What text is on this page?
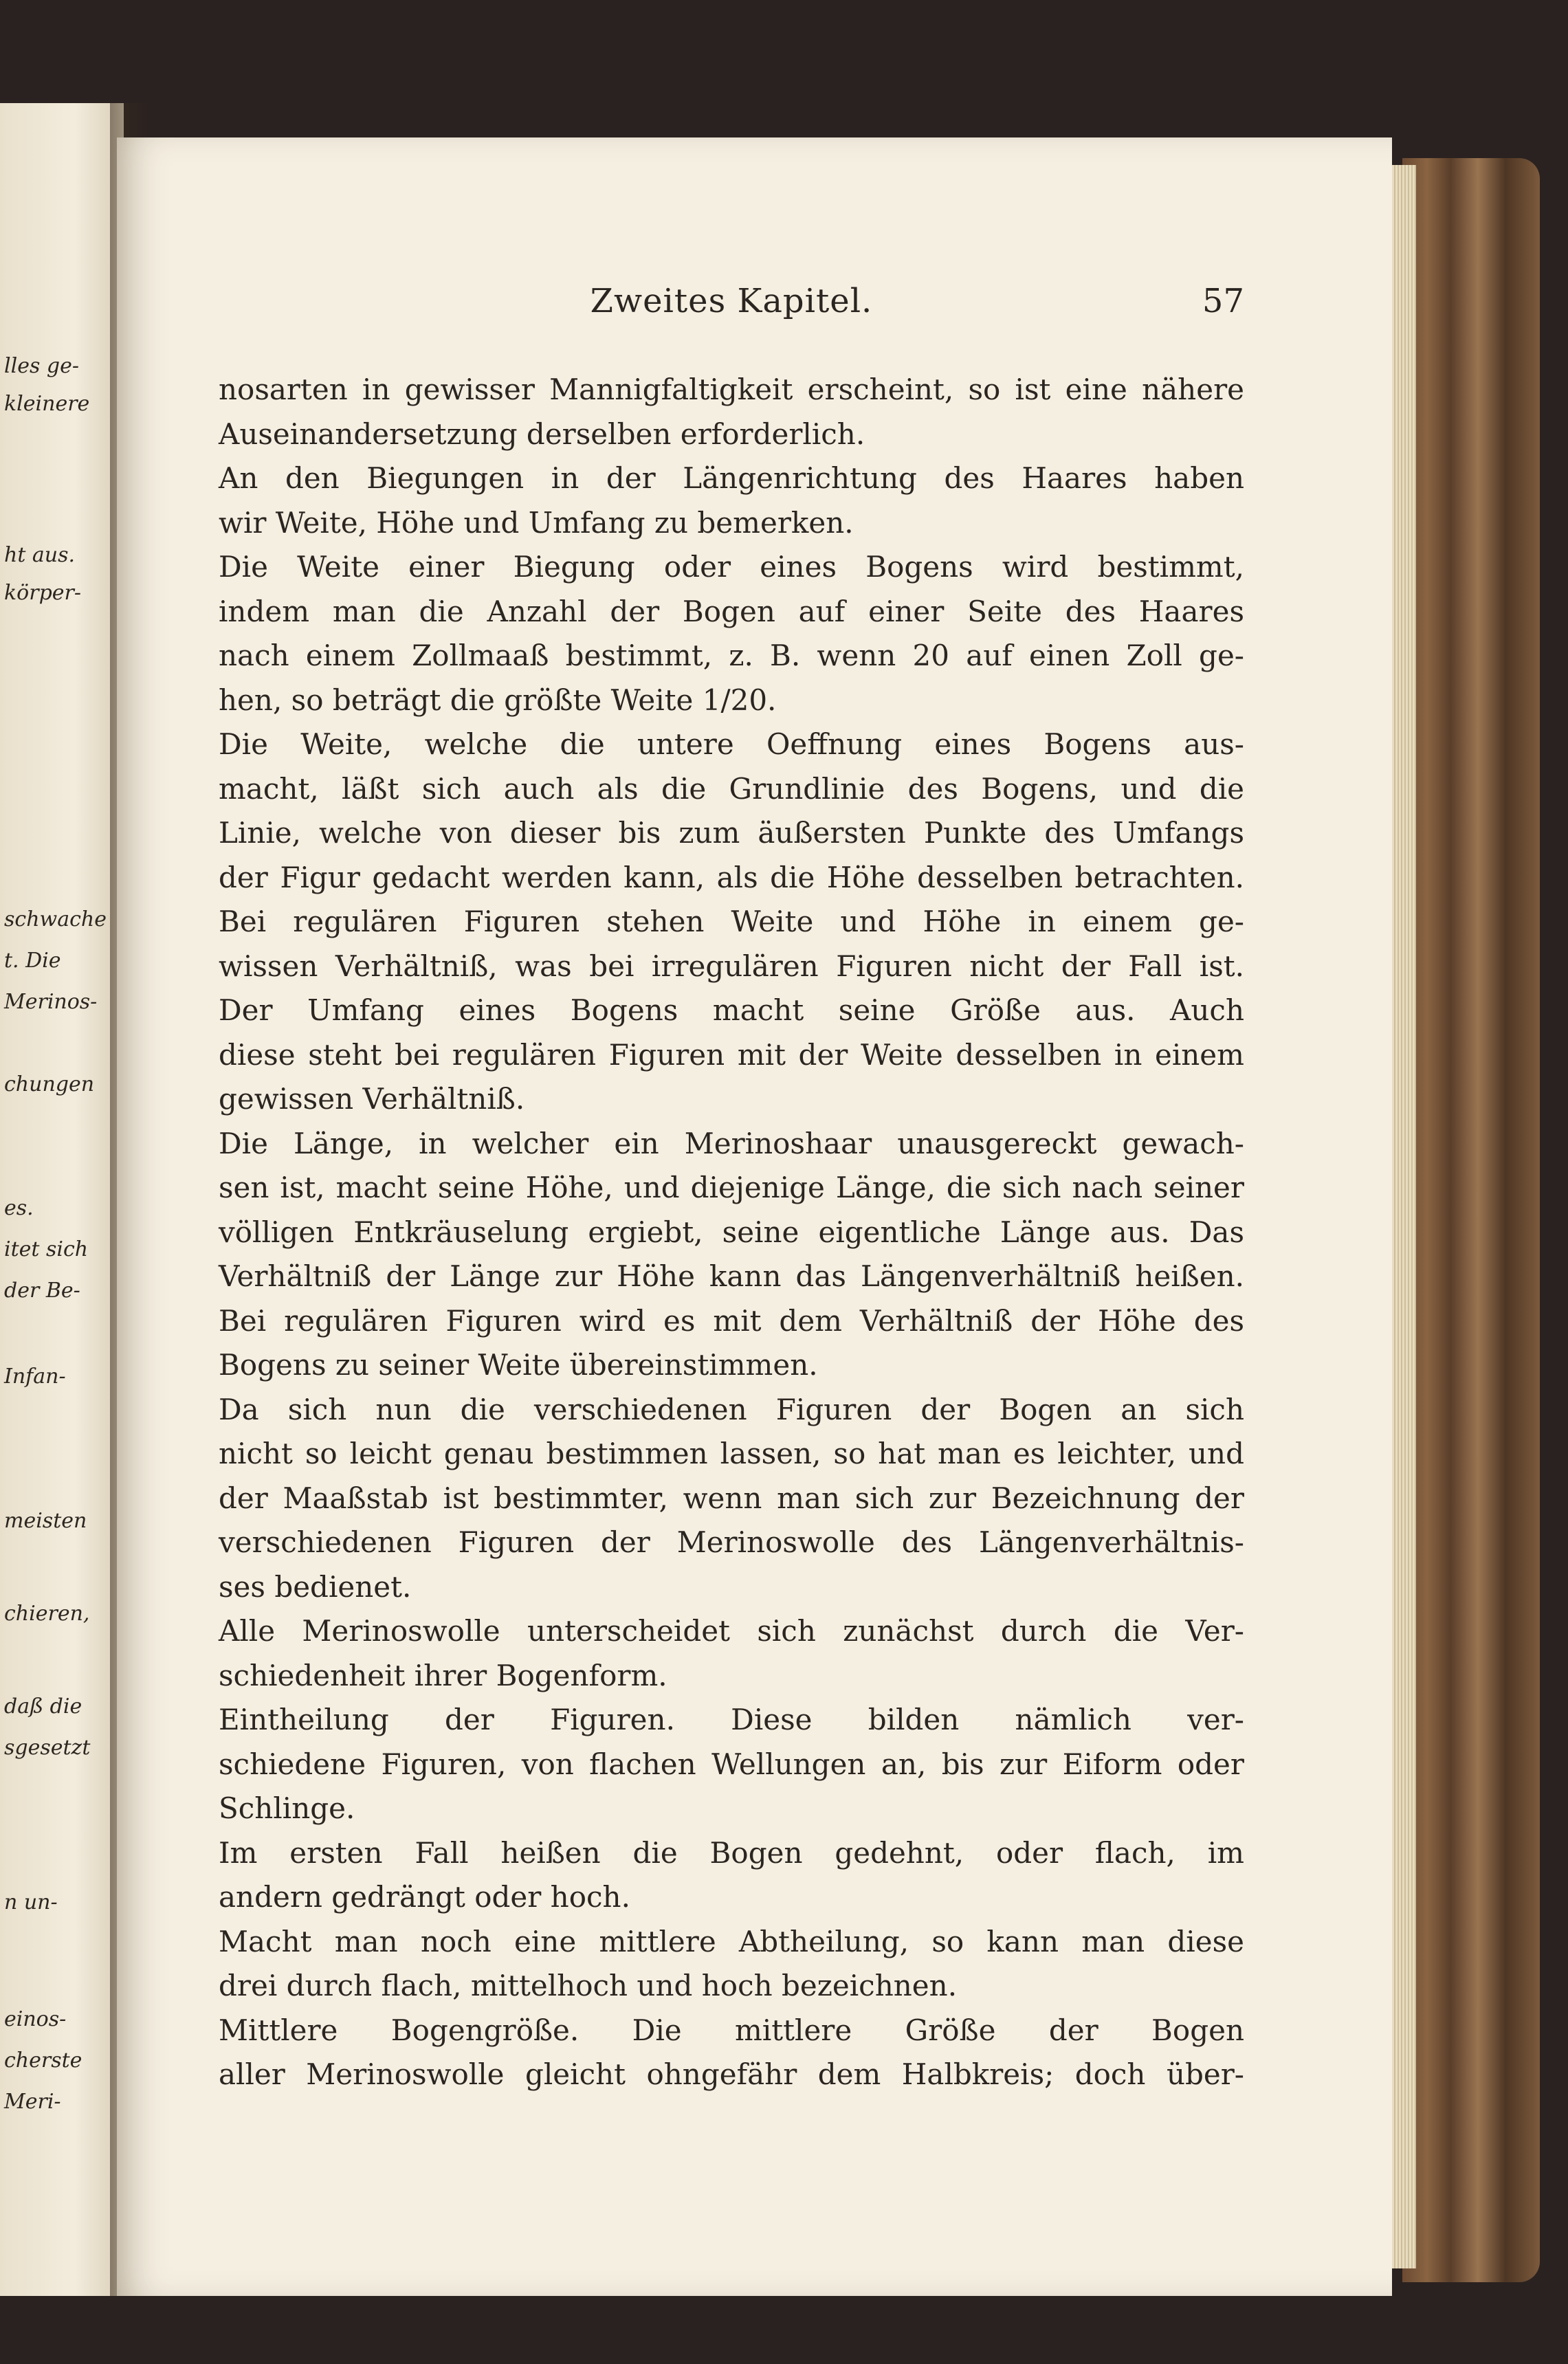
lles ge-
kleinere
ht aus.
körper-
schwache
t. Die
Merinos-
chungen
es.
itet sich
der Be-
Infan-
meisten
chieren,
daß die
sgesetzt
n un-
einos-
cherste
Meri-
Zweites Kapitel.	57
nosarten in gewisser Mannigfaltigkeit erscheint, so ist eine nähere
Auseinandersetzung derselben erforderlich.
An den Biegungen in der Längenrichtung des Haares haben
wir Weite, Höhe und Umfang zu bemerken.
Die Weite einer Biegung oder eines Bogens wird bestimmt,
indem man die Anzahl der Bogen auf einer Seite des Haares
nach einem Zollmaaß bestimmt, z. B. wenn 20 auf einen Zoll ge-
hen, so beträgt die größte Weite 1/20.
Die Weite, welche die untere Oeffnung eines Bogens aus-
macht, läßt sich auch als die Grundlinie des Bogens, und die
Linie, welche von dieser bis zum äußersten Punkte des Umfangs
der Figur gedacht werden kann, als die Höhe desselben betrachten.
Bei regulären Figuren stehen Weite und Höhe in einem ge-
wissen Verhältniß, was bei irregulären Figuren nicht der Fall ist.
Der Umfang eines Bogens macht seine Größe aus. Auch
diese steht bei regulären Figuren mit der Weite desselben in einem
gewissen Verhältniß.
Die Länge, in welcher ein Merinoshaar unausgereckt gewach-
sen ist, macht seine Höhe, und diejenige Länge, die sich nach seiner
völligen Entkräuselung ergiebt, seine eigentliche Länge aus. Das
Verhältniß der Länge zur Höhe kann das Längenverhältniß heißen.
Bei regulären Figuren wird es mit dem Verhältniß der Höhe des
Bogens zu seiner Weite übereinstimmen.
Da sich nun die verschiedenen Figuren der Bogen an sich
nicht so leicht genau bestimmen lassen, so hat man es leichter, und
der Maaßstab ist bestimmter, wenn man sich zur Bezeichnung der
verschiedenen Figuren der Merinoswolle des Längenverhältnis-
ses bedienet.
Alle Merinoswolle unterscheidet sich zunächst durch die Ver-
schiedenheit ihrer Bogenform.
Eintheilung der Figuren. Diese bilden nämlich ver-
schiedene Figuren, von flachen Wellungen an, bis zur Eiform oder
Schlinge.
Im ersten Fall heißen die Bogen gedehnt, oder flach, im
andern gedrängt oder hoch.
Macht man noch eine mittlere Abtheilung, so kann man diese
drei durch flach, mittelhoch und hoch bezeichnen.
Mittlere Bogengröße. Die mittlere Größe der Bogen
aller Merinoswolle gleicht ohngefähr dem Halbkreis; doch über-
